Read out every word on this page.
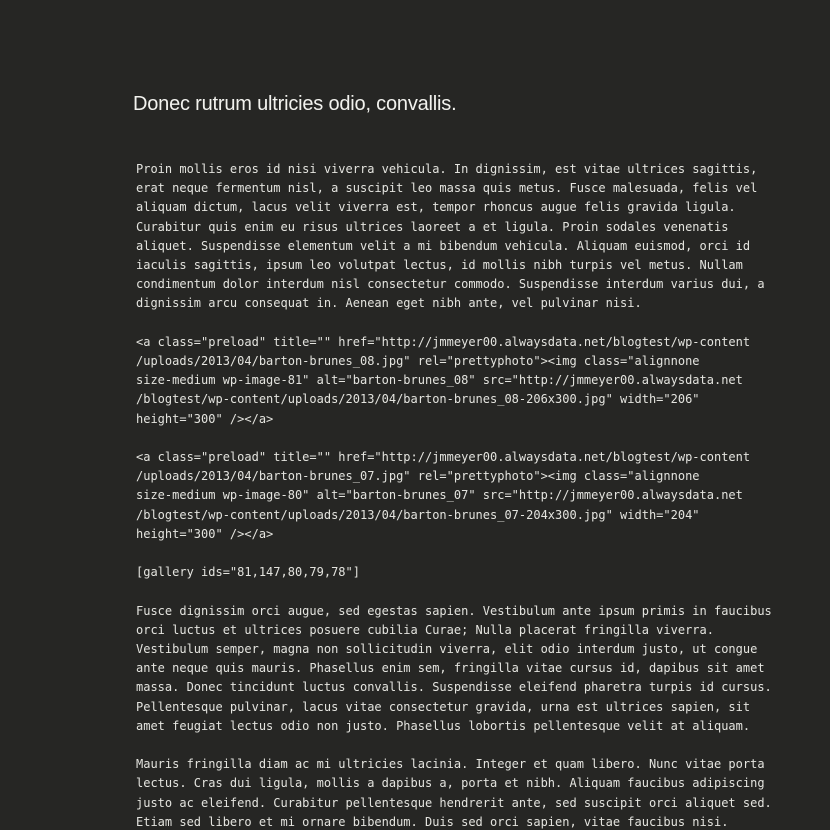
Donec rutrum ultricies odio, convallis.

Proin mollis eros id nisi viverra vehicula. In dignissim, est vitae ultrices sagittis,
erat neque fermentum nisl, a suscipit leo massa quis metus. Fusce malesuada, felis vel
aliquam dictum, lacus velit viverra est, tempor rhoncus augue felis gravida ligula.
Curabitur quis enim eu risus ultrices laoreet a et ligula. Proin sodales venenatis
aliquet. Suspendisse elementum velit a mi bibendum vehicula. Aliquam euismod, orci id
iaculis sagittis, ipsum leo volutpat lectus, id mollis nibh turpis vel metus. Nullam
condimentum dolor interdum nisl consectetur commodo. Suspendisse interdum varius dui, a
dignissim arcu consequat in. Aenean eget nibh ante, vel pulvinar nisi.

<a class="preload" title="" href="http://jmmeyer00.alwaysdata.net/blogtest/wp-content
/uploads/2013/04/barton-brunes_08.jpg" rel="prettyphoto"><img class="alignnone
size-medium wp-image-81" alt="barton-brunes_08" src="http://jmmeyer00.alwaysdata.net
/blogtest/wp-content/uploads/2013/04/barton-brunes_08-206x300.jpg" width="206"
height="300" /></a>

<a class="preload" title="" href="http://jmmeyer00.alwaysdata.net/blogtest/wp-content
/uploads/2013/04/barton-brunes_07.jpg" rel="prettyphoto"><img class="alignnone
size-medium wp-image-80" alt="barton-brunes_07" src="http://jmmeyer00.alwaysdata.net
/blogtest/wp-content/uploads/2013/04/barton-brunes_07-204x300.jpg" width="204"
height="300" /></a>

[gallery ids="81,147,80,79,78"]

Fusce dignissim orci augue, sed egestas sapien. Vestibulum ante ipsum primis in faucibus
orci luctus et ultrices posuere cubilia Curae; Nulla placerat fringilla viverra.
Vestibulum semper, magna non sollicitudin viverra, elit odio interdum justo, ut congue
ante neque quis mauris. Phasellus enim sem, fringilla vitae cursus id, dapibus sit amet
massa. Donec tincidunt luctus convallis. Suspendisse eleifend pharetra turpis id cursus.
Pellentesque pulvinar, lacus vitae consectetur gravida, urna est ultrices sapien, sit
amet feugiat lectus odio non justo. Phasellus lobortis pellentesque velit at aliquam.

Mauris fringilla diam ac mi ultricies lacinia. Integer et quam libero. Nunc vitae porta
lectus. Cras dui ligula, mollis a dapibus a, porta et nibh. Aliquam faucibus adipiscing
justo ac eleifend. Curabitur pellentesque hendrerit ante, sed suscipit orci aliquet sed.
Etiam sed libero et mi ornare bibendum. Duis sed orci sapien, vitae faucibus nisi.
